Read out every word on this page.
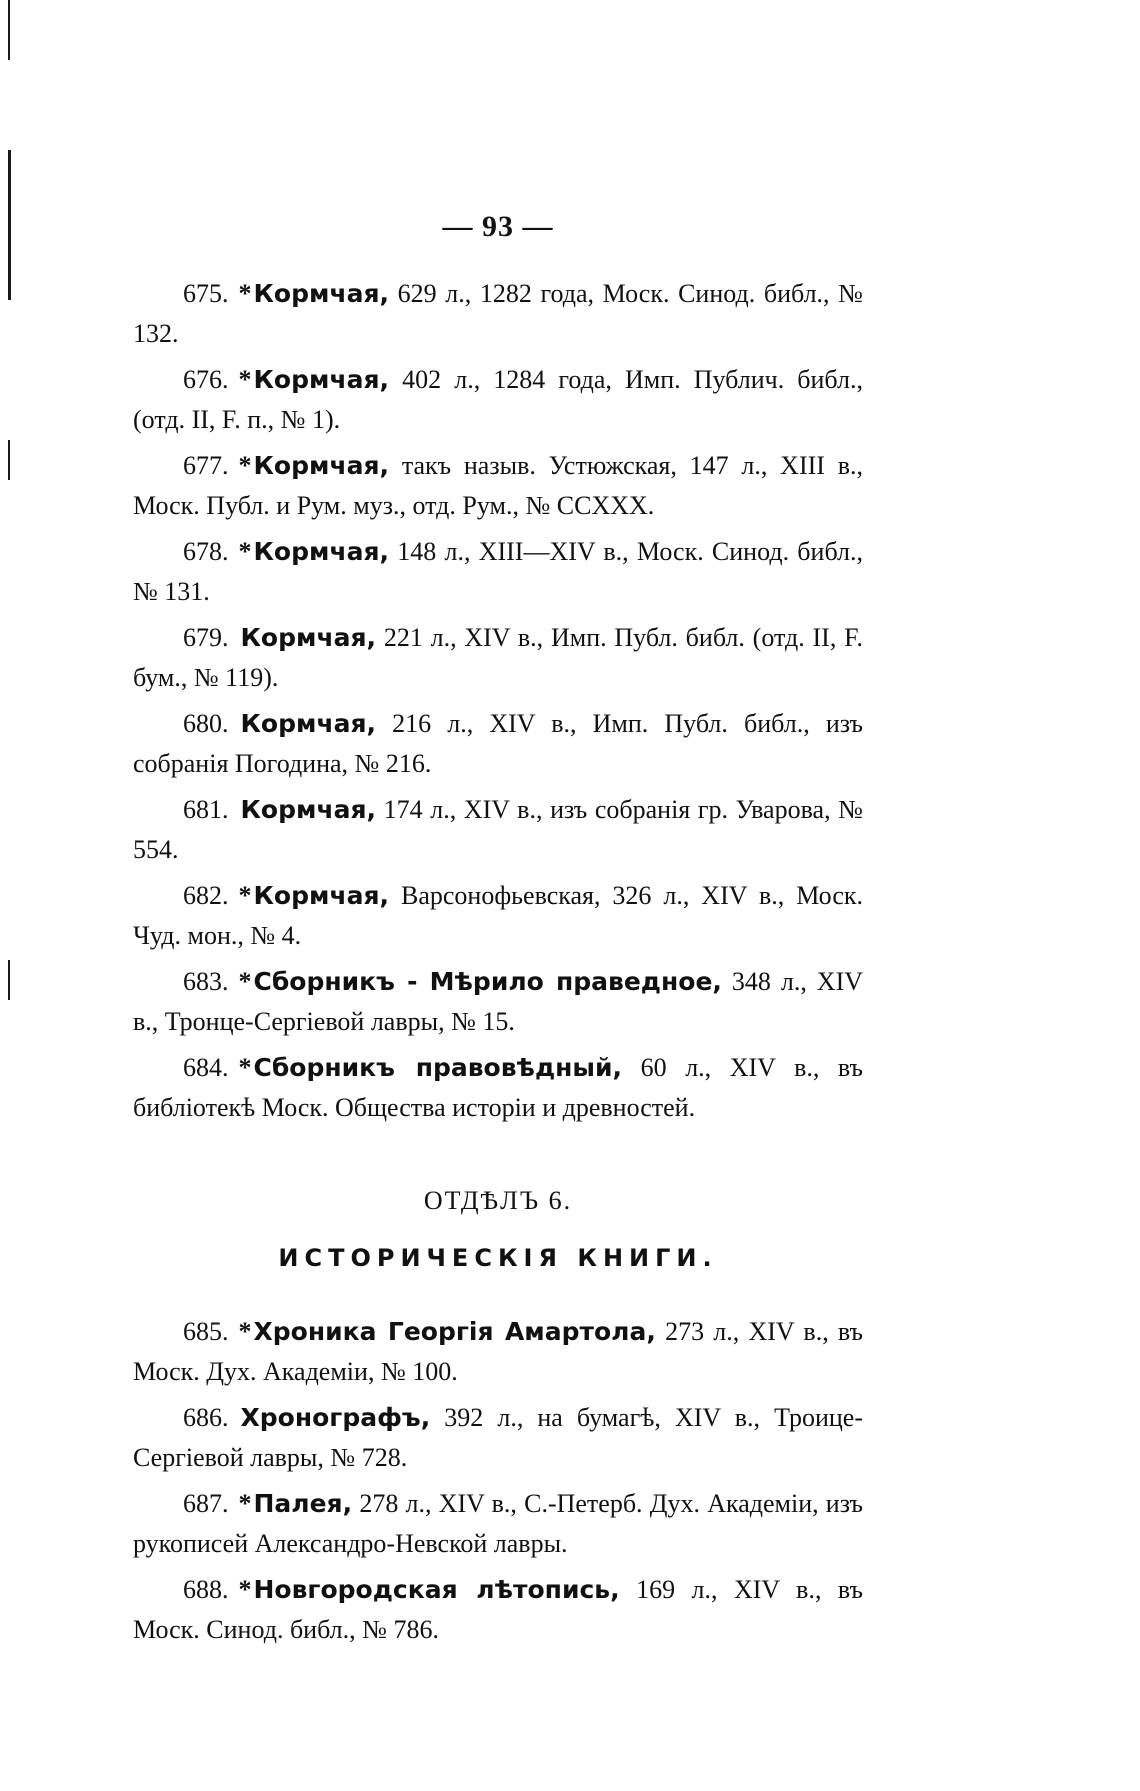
— 93 —

675. *Кормчая, 629 л., 1282 года, Моск. Синод. библ., № 132.

676. *Кормчая, 402 л., 1284 года, Имп. Публич. библ., (отд. II, F. п., № 1).

677. *Кормчая, такъ назыв. Устюжская, 147 л., XIII в., Моск. Публ. и Рум. муз., отд. Рум., № CCXXX.

678. *Кормчая, 148 л., XIII—XIV в., Моск. Синод. библ., № 131.

679. Кормчая, 221 л., XIV в., Имп. Публ. библ. (отд. II, F. бум., № 119).

680. Кормчая, 216 л., XIV в., Имп. Публ. библ., изъ собранія Погодина, № 216.

681. Кормчая, 174 л., XIV в., изъ собранія гр. Уварова, № 554.

682. *Кормчая, Варсонофьевская, 326 л., XIV в., Моск. Чуд. мон., № 4.

683. *Сборникъ - Мѣрило праведное, 348 л., XIV в., Тронце-Сергіевой лавры, № 15.

684. *Сборникъ правовѣдный, 60 л., XIV в., въ библіотекѣ Моск. Общества исторіи и древностей.

ОТДѢЛЪ 6.
ИСТОРИЧЕСКІЯ КНИГИ.

685. *Хроника Георгія Амартола, 273 л., XIV в., въ Моск. Дух. Академіи, № 100.

686. Хронографъ, 392 л., на бумагѣ, XIV в., Троице-Сергіевой лавры, № 728.

687. *Палея, 278 л., XIV в., С.-Петерб. Дух. Академіи, изъ рукописей Александро-Невской лавры.

688. *Новгородская лѣтопись, 169 л., XIV в., въ Моск. Синод. библ., № 786.
